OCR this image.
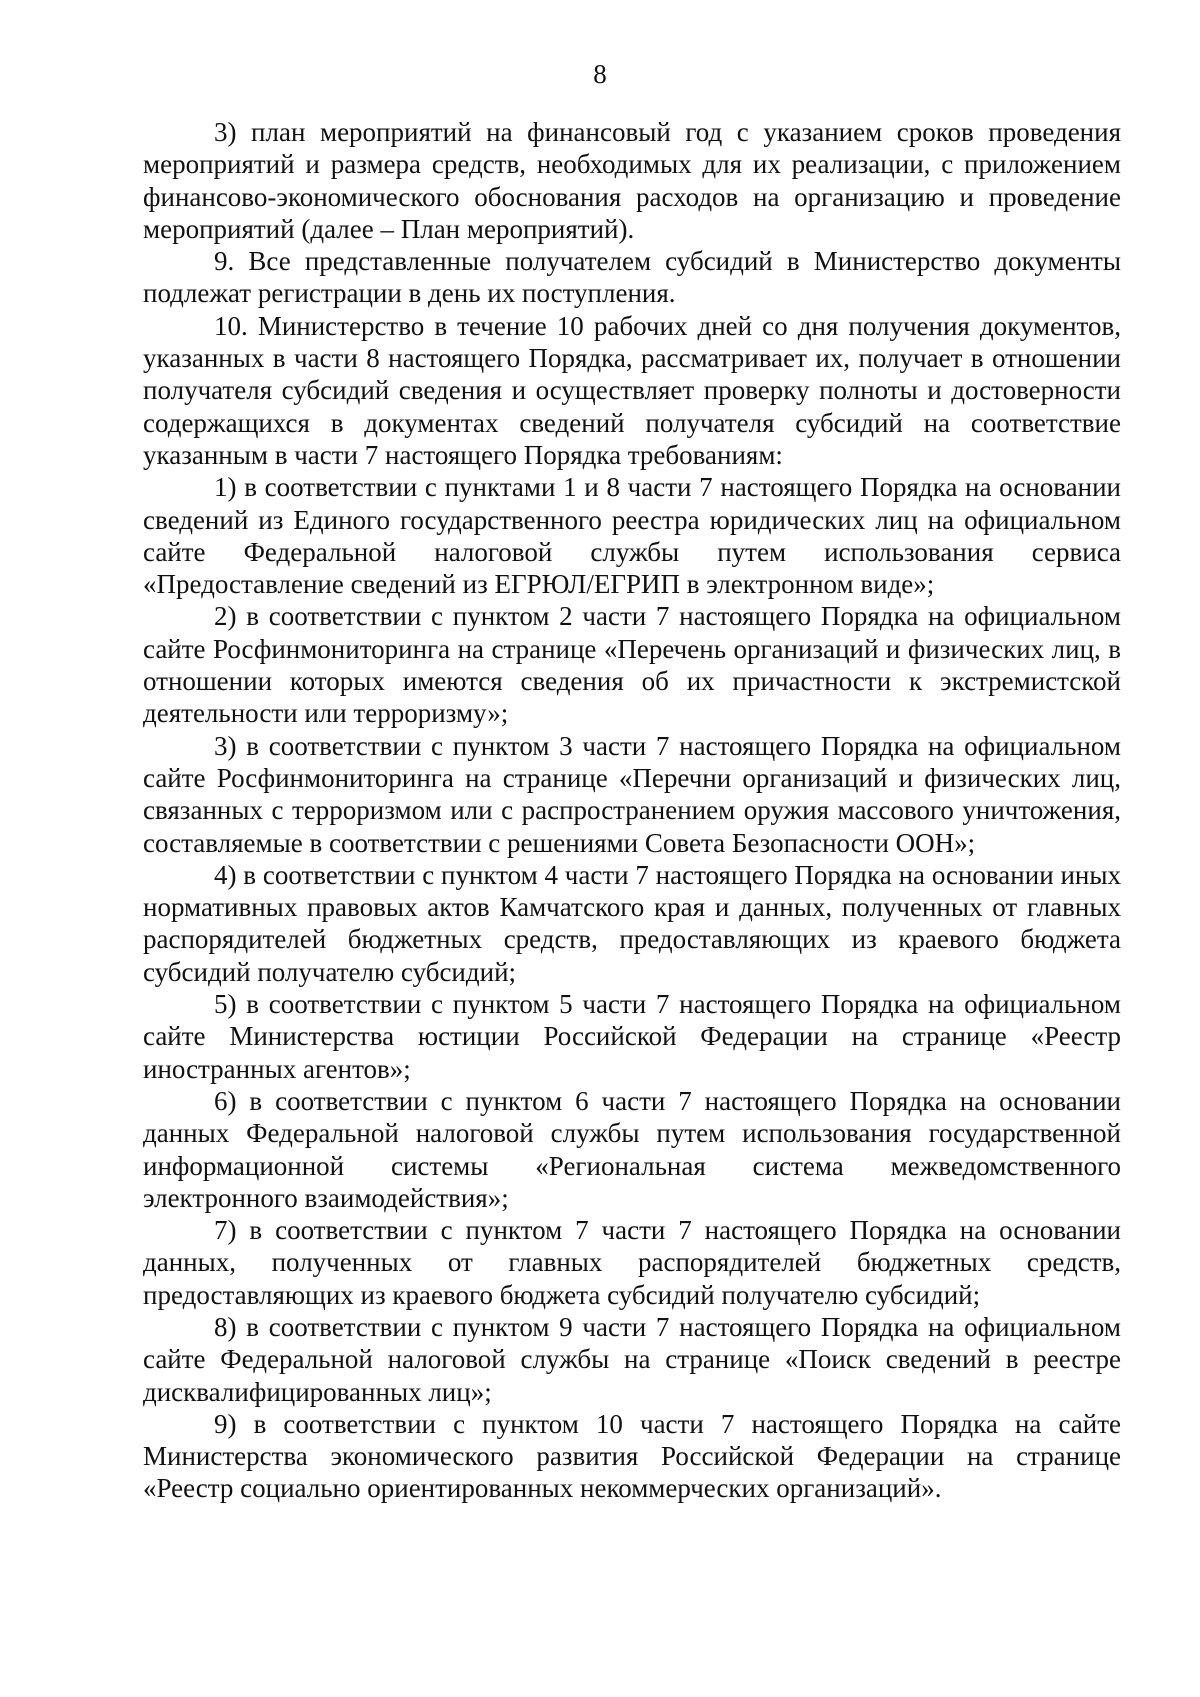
8

3) план мероприятий на финансовый год с указанием сроков проведения мероприятий и размера средств, необходимых для их реализации, с приложением финансово-экономического обоснования расходов на организацию и проведение мероприятий (далее – План мероприятий).

9. Все представленные получателем субсидий в Министерство документы подлежат регистрации в день их поступления.

10. Министерство в течение 10 рабочих дней со дня получения документов, указанных в части 8 настоящего Порядка, рассматривает их, получает в отношении получателя субсидий сведения и осуществляет проверку полноты и достоверности содержащихся в документах сведений получателя субсидий на соответствие указанным в части 7 настоящего Порядка требованиям:

1) в соответствии с пунктами 1 и 8 части 7 настоящего Порядка на основании сведений из Единого государственного реестра юридических лиц на официальном сайте Федеральной налоговой службы путем использования сервиса «Предоставление сведений из ЕГРЮЛ/ЕГРИП в электронном виде»;

2) в соответствии с пунктом 2 части 7 настоящего Порядка на официальном сайте Росфинмониторинга на странице «Перечень организаций и физических лиц, в отношении которых имеются сведения об их причастности к экстремистской деятельности или терроризму»;

3) в соответствии с пунктом 3 части 7 настоящего Порядка на официальном сайте Росфинмониторинга на странице «Перечни организаций и физических лиц, связанных с терроризмом или с распространением оружия массового уничтожения, составляемые в соответствии с решениями Совета Безопасности ООН»;

4) в соответствии с пунктом 4 части 7 настоящего Порядка на основании иных нормативных правовых актов Камчатского края и данных, полученных от главных распорядителей бюджетных средств, предоставляющих из краевого бюджета субсидий получателю субсидий;

5) в соответствии с пунктом 5 части 7 настоящего Порядка на официальном сайте Министерства юстиции Российской Федерации на странице «Реестр иностранных агентов»;

6) в соответствии с пунктом 6 части 7 настоящего Порядка на основании данных Федеральной налоговой службы путем использования государственной информационной системы «Региональная система межведомственного электронного взаимодействия»;

7) в соответствии с пунктом 7 части 7 настоящего Порядка на основании данных, полученных от главных распорядителей бюджетных средств, предоставляющих из краевого бюджета субсидий получателю субсидий;

8) в соответствии с пунктом 9 части 7 настоящего Порядка на официальном сайте Федеральной налоговой службы на странице «Поиск сведений в реестре дисквалифицированных лиц»;

9) в соответствии с пунктом 10 части 7 настоящего Порядка на сайте Министерства экономического развития Российской Федерации на странице «Реестр социально ориентированных некоммерческих организаций».
